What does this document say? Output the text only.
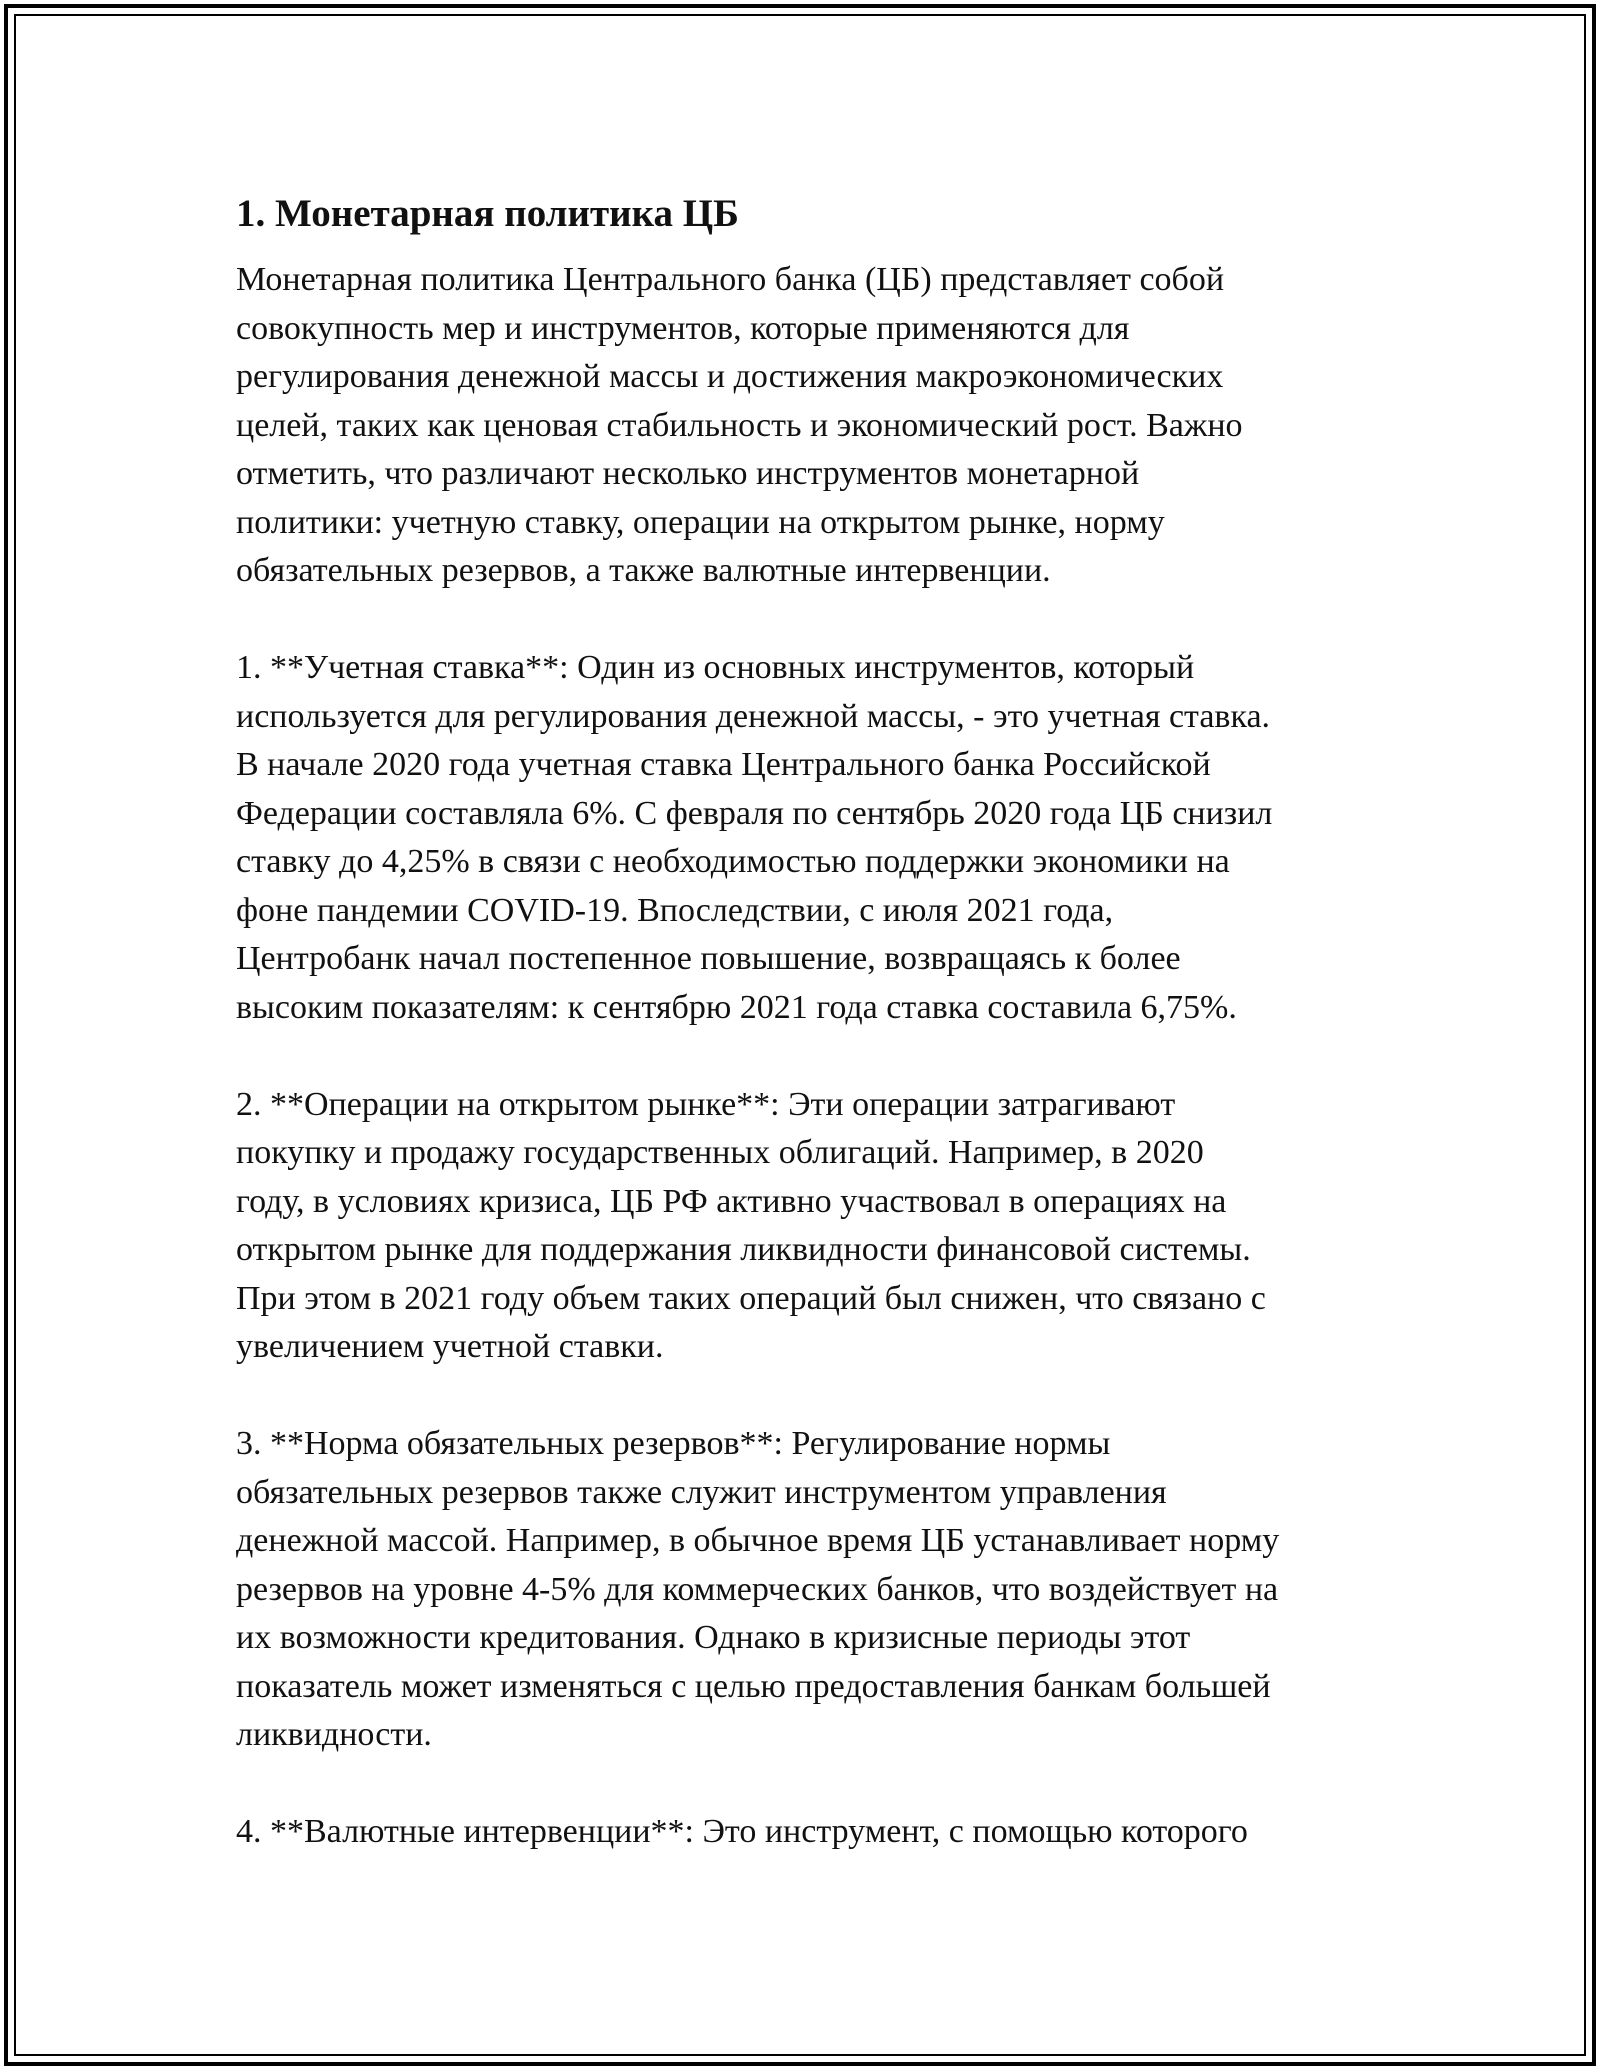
1. Монетарная политика ЦБ
Монетарная политика Центрального банка (ЦБ) представляет собой
совокупность мер и инструментов, которые применяются для
регулирования денежной массы и достижения макроэкономических
целей, таких как ценовая стабильность и экономический рост. Важно
отметить, что различают несколько инструментов монетарной
политики: учетную ставку, операции на открытом рынке, норму
обязательных резервов, а также валютные интервенции.
1. **Учетная ставка**: Один из основных инструментов, который
используется для регулирования денежной массы, - это учетная ставка.
В начале 2020 года учетная ставка Центрального банка Российской
Федерации составляла 6%. С февраля по сентябрь 2020 года ЦБ снизил
ставку до 4,25% в связи с необходимостью поддержки экономики на
фоне пандемии COVID-19. Впоследствии, с июля 2021 года,
Центробанк начал постепенное повышение, возвращаясь к более
высоким показателям: к сентябрю 2021 года ставка составила 6,75%.
2. **Операции на открытом рынке**: Эти операции затрагивают
покупку и продажу государственных облигаций. Например, в 2020
году, в условиях кризиса, ЦБ РФ активно участвовал в операциях на
открытом рынке для поддержания ликвидности финансовой системы.
При этом в 2021 году объем таких операций был снижен, что связано с
увеличением учетной ставки.
3. **Норма обязательных резервов**: Регулирование нормы
обязательных резервов также служит инструментом управления
денежной массой. Например, в обычное время ЦБ устанавливает норму
резервов на уровне 4-5% для коммерческих банков, что воздействует на
их возможности кредитования. Однако в кризисные периоды этот
показатель может изменяться с целью предоставления банкам большей
ликвидности.
4. **Валютные интервенции**: Это инструмент, с помощью которого
